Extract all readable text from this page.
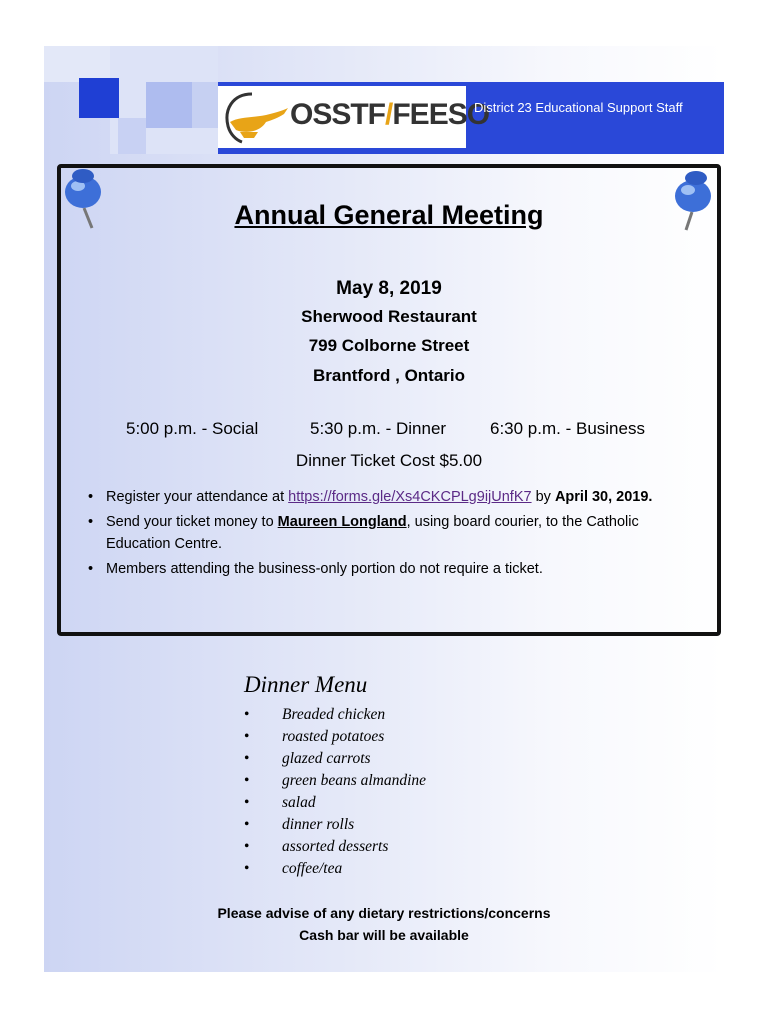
OSSTF/FEESO
District 23 Educational Support Staff
Annual General Meeting
May 8, 2019
Sherwood Restaurant
799 Colborne Street
Brantford , Ontario
5:00 p.m. - Social	5:30 p.m. - Dinner	6:30 p.m. - Business
Dinner Ticket Cost $5.00
• Register your attendance at https://forms.gle/Xs4CKCPLg9ijUnfK7 by April 30, 2019.
• Send your ticket money to Maureen Longland, using board courier, to the Catholic Education Centre.
• Members attending the business-only portion do not require a ticket.
Dinner Menu
• Breaded chicken
• roasted potatoes
• glazed carrots
• green beans almandine
• salad
• dinner rolls
• assorted desserts
• coffee/tea
Please advise of any dietary restrictions/concerns
Cash bar will be available
